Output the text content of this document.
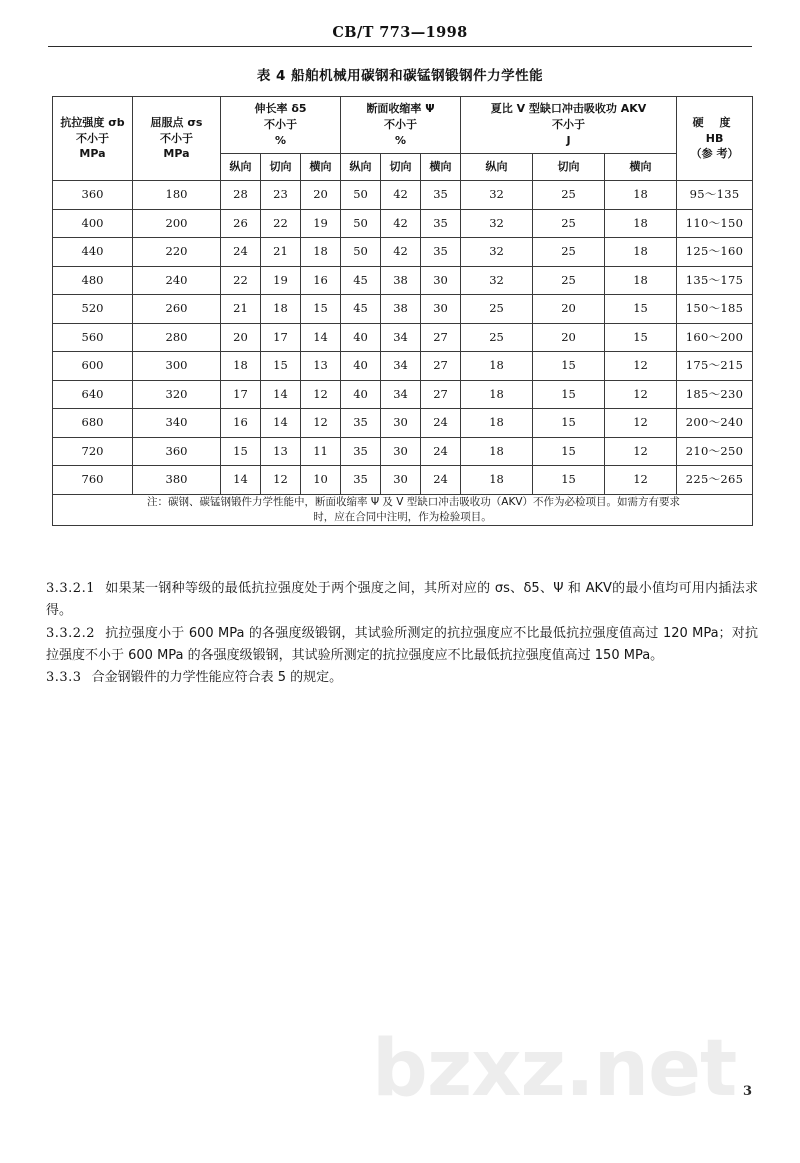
CB/T 773—1998
表 4 船舶机械用碳钢和碳锰钢锻钢件力学性能
抗拉强度 σb
不小于
MPa	屈服点 σs
不小于
MPa	伸长率 δ5
不小于
%			断面收缩率 Ψ
不小于
%			夏比 V 型缺口冲击吸收功 AKV
不小于
J			硬 度
HB
（参 考）

		纵向	切向	横向	纵向	切向	横向	纵向	切向	横向	
360	180	28	23	20	50	42	35	32	25	18	95～135
400	200	26	22	19	50	42	35	32	25	18	110～150
440	220	24	21	18	50	42	35	32	25	18	125～160
480	240	22	19	16	45	38	30	32	25	18	135～175
520	260	21	18	15	45	38	30	25	20	15	150～185
560	280	20	17	14	40	34	27	25	20	15	160～200
600	300	18	15	13	40	34	27	18	15	12	175～215
640	320	17	14	12	40	34	27	18	15	12	185～230
680	340	16	14	12	35	30	24	18	15	12	200～240
720	360	15	13	11	35	30	24	18	15	12	210～250
760	380	14	12	10	35	30	24	18	15	12	225～265

注：碳钢、碳锰钢锻件力学性能中，断面收缩率 Ψ 及 V 型缺口冲击吸收功（AKV）不作为必检项目。如需方有要求

时，应在合同中注明，作为检验项目。											

3.3.2.1 如果某一钢种等级的最低抗拉强度处于两个强度之间，其所对应的 σs、δ5、Ψ 和 AKV的最小值均可用内插法求得。

3.3.2.2 抗拉强度小于 600 MPa 的各强度级锻钢，其试验所测定的抗拉强度应不比最低抗拉强度值高过 120 MPa；对抗拉强度不小于 600 MPa 的各强度级锻钢，其试验所测定的抗拉强度应不比最低抗拉强度值高过 150 MPa。

3.3.3 合金钢锻件的力学性能应符合表 5 的规定。

bzxz.net 3
